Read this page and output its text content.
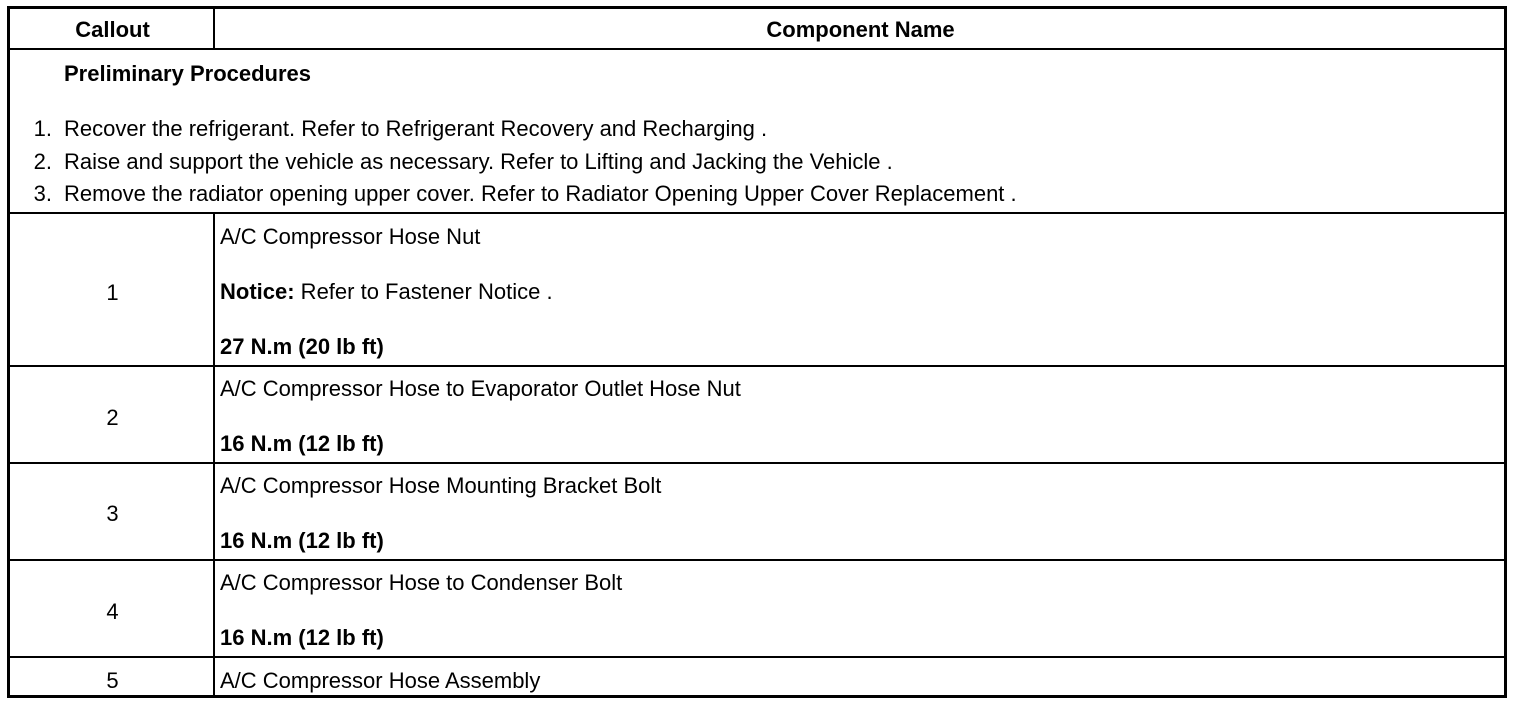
Callout	Component Name
Preliminary Procedures
1. Recover the refrigerant. Refer to Refrigerant Recovery and Recharging .
2. Raise and support the vehicle as necessary. Refer to Lifting and Jacking the Vehicle .
3. Remove the radiator opening upper cover. Refer to Radiator Opening Upper Cover Replacement .
1
A/C Compressor Hose Nut
Notice: Refer to Fastener Notice .
27 N.m (20 lb ft)
2
A/C Compressor Hose to Evaporator Outlet Hose Nut
16 N.m (12 lb ft)
3
A/C Compressor Hose Mounting Bracket Bolt
16 N.m (12 lb ft)
4
A/C Compressor Hose to Condenser Bolt
16 N.m (12 lb ft)
5	A/C Compressor Hose Assembly
